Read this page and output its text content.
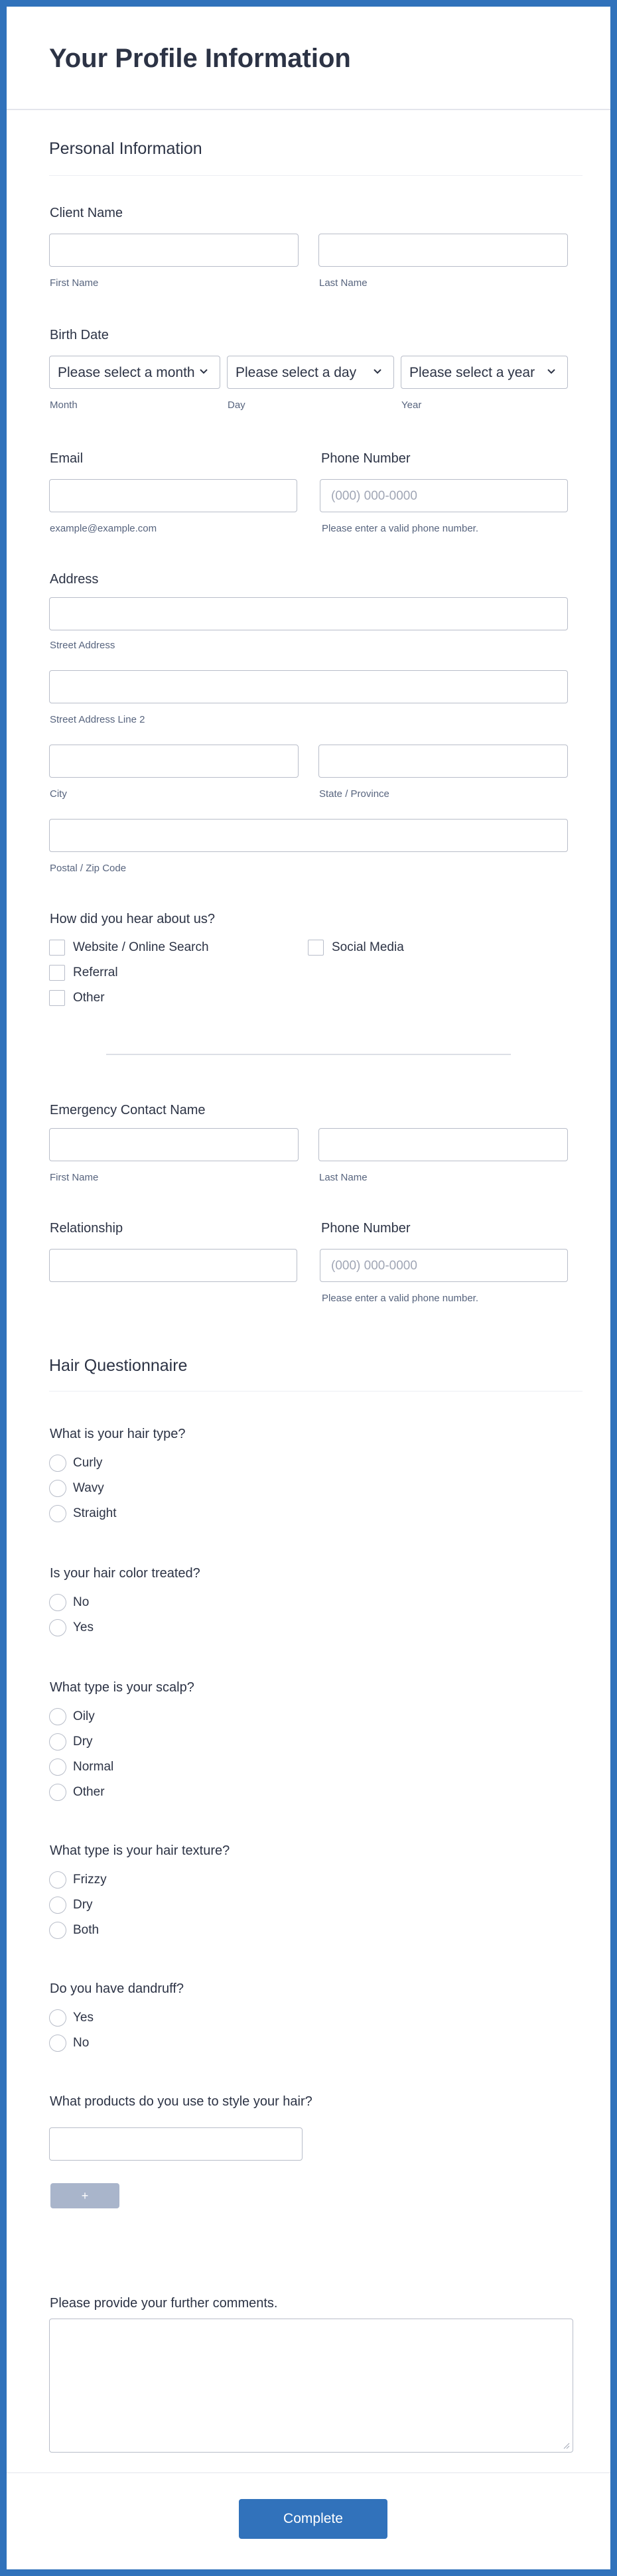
Your Profile Information
Personal Information
Client Name
First Name	Last Name
Birth Date
Please select a month	Please select a day	Please select a year
Month	Day	Year
Email
example@example.com
Phone Number
(000) 000-0000
Please enter a valid phone number.
Address
Street Address
Street Address Line 2
City	State / Province
Postal / Zip Code
How did you hear about us?
Website / Online Search	Social Media
Referral
Other
Emergency Contact Name
First Name	Last Name
Relationship	Phone Number
(000) 000-0000
Please enter a valid phone number.
Hair Questionnaire
What is your hair type?
Curly
Wavy
Straight
Is your hair color treated?
No
Yes
What type is your scalp?
Oily
Dry
Normal
Other
What type is your hair texture?
Frizzy
Dry
Both
Do you have dandruff?
Yes
No
What products do you use to style your hair?
+
Please provide your further comments.
Complete
